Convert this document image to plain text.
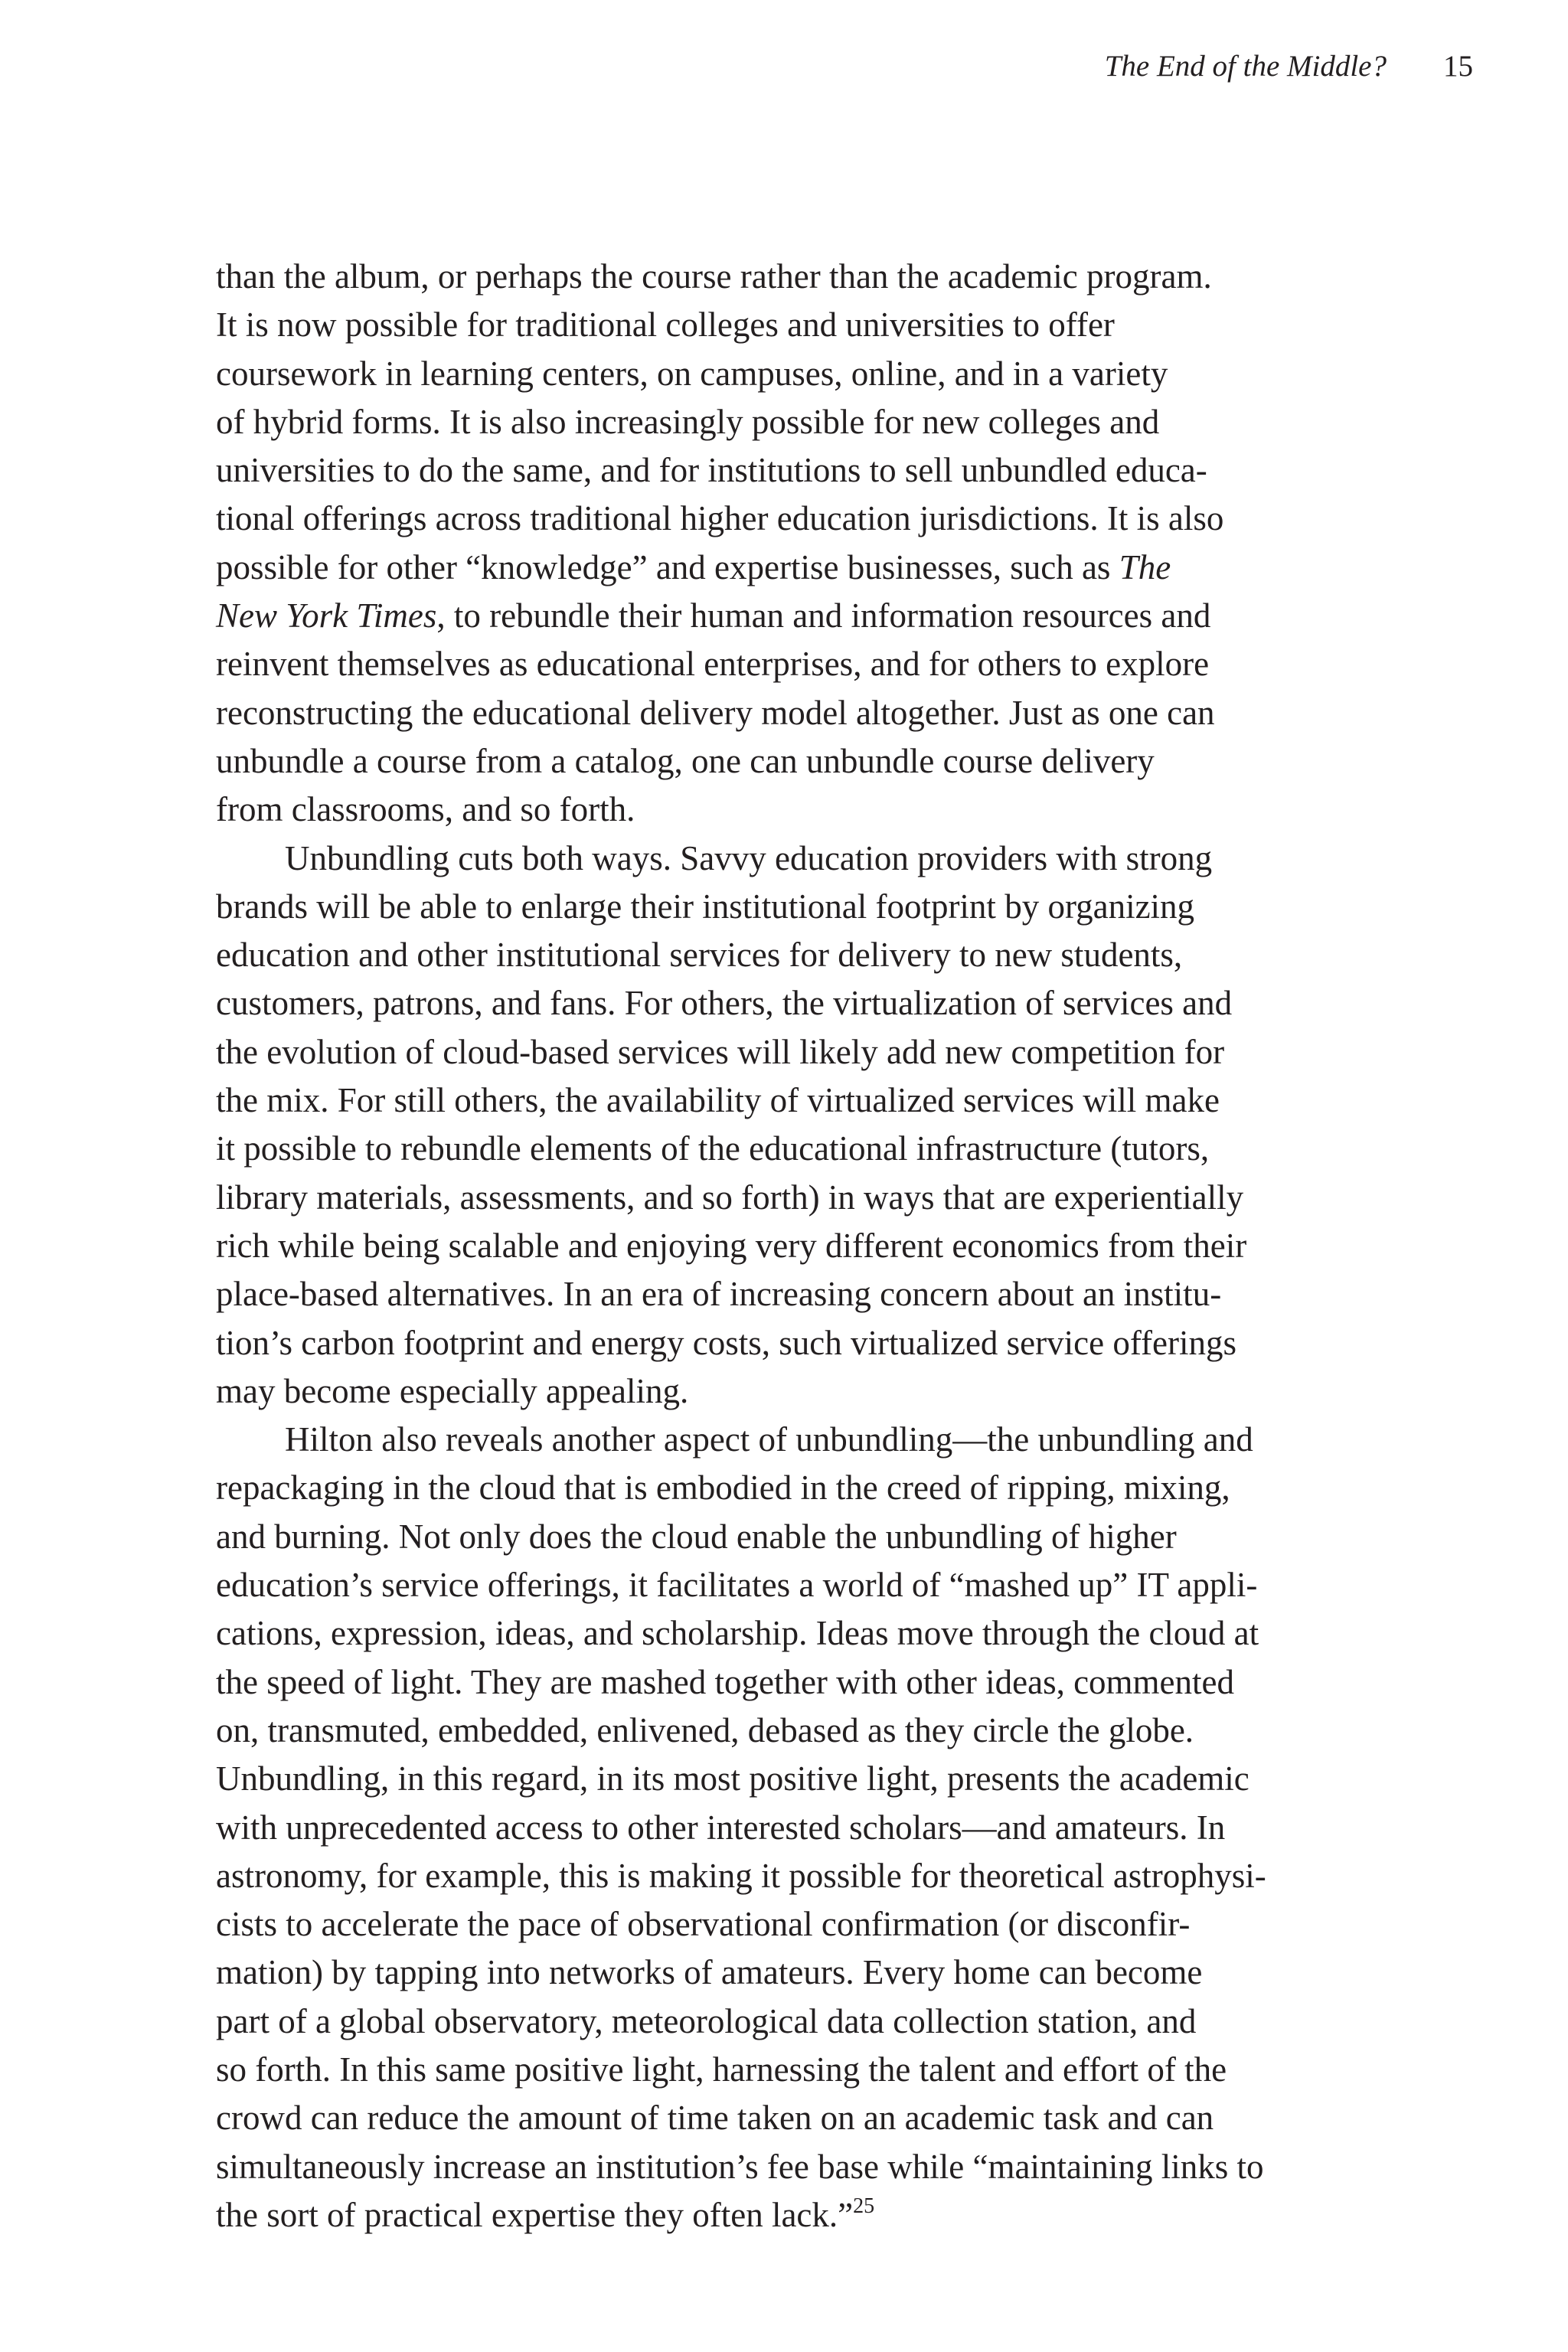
The End of the Middle? 15
than the album, or perhaps the course rather than the academic program.
It is now possible for traditional colleges and universities to offer
coursework in learning centers, on campuses, online, and in a variety
of hybrid forms. It is also increasingly possible for new colleges and
universities to do the same, and for institutions to sell unbundled educa-
tional offerings across traditional higher education jurisdictions. It is also
possible for other “knowledge” and expertise businesses, such as The
New York Times, to rebundle their human and information resources and
reinvent themselves as educational enterprises, and for others to explore
reconstructing the educational delivery model altogether. Just as one can
unbundle a course from a catalog, one can unbundle course delivery
from classrooms, and so forth.
Unbundling cuts both ways. Savvy education providers with strong
brands will be able to enlarge their institutional footprint by organizing
education and other institutional services for delivery to new students,
customers, patrons, and fans. For others, the virtualization of services and
the evolution of cloud-based services will likely add new competition for
the mix. For still others, the availability of virtualized services will make
it possible to rebundle elements of the educational infrastructure (tutors,
library materials, assessments, and so forth) in ways that are experientially
rich while being scalable and enjoying very different economics from their
place-based alternatives. In an era of increasing concern about an institu-
tion’s carbon footprint and energy costs, such virtualized service offerings
may become especially appealing.
Hilton also reveals another aspect of unbundling—the unbundling and
repackaging in the cloud that is embodied in the creed of ripping, mixing,
and burning. Not only does the cloud enable the unbundling of higher
education’s service offerings, it facilitates a world of “mashed up” IT appli-
cations, expression, ideas, and scholarship. Ideas move through the cloud at
the speed of light. They are mashed together with other ideas, commented
on, transmuted, embedded, enlivened, debased as they circle the globe.
Unbundling, in this regard, in its most positive light, presents the academic
with unprecedented access to other interested scholars—and amateurs. In
astronomy, for example, this is making it possible for theoretical astrophysi-
cists to accelerate the pace of observational confirmation (or disconfir-
mation) by tapping into networks of amateurs. Every home can become
part of a global observatory, meteorological data collection station, and
so forth. In this same positive light, harnessing the talent and effort of the
crowd can reduce the amount of time taken on an academic task and can
simultaneously increase an institution’s fee base while “maintaining links to
the sort of practical expertise they often lack.”$^{25}$
